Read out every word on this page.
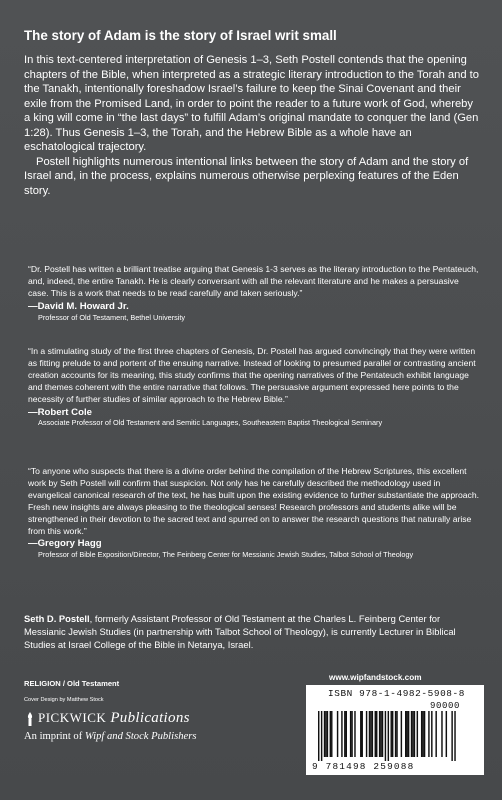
The story of Adam is the story of Israel writ small

In this text-centered interpretation of Genesis 1–3, Seth Postell contends that the opening chapters of the Bible, when interpreted as a strategic literary introduction to the Torah and to the Tanakh, intentionally foreshadow Israel’s failure to keep the Sinai Covenant and their exile from the Promised Land, in order to point the reader to a future work of God, whereby a king will come in “the last days” to fulfill Adam’s original mandate to conquer the land (Gen 1:28). Thus Genesis 1–3, the Torah, and the Hebrew Bible as a whole have an eschatological trajectory.

Postell highlights numerous intentional links between the story of Adam and the story of Israel and, in the process, explains numerous otherwise perplexing features of the Eden story.

“Dr. Postell has written a brilliant treatise arguing that Genesis 1-3 serves as the literary introduction to the Pentateuch, and, indeed, the entire Tanakh. He is clearly conversant with all the relevant literature and he makes a persuasive case. This is a work that needs to be read carefully and taken seriously.”
—David M. Howard Jr.
Professor of Old Testament, Bethel University
“In a stimulating study of the first three chapters of Genesis, Dr. Postell has argued convincingly that they were written as fitting prelude to and portent of the ensuing narrative. Instead of looking to presumed parallel or contrasting ancient creation accounts for its meaning, this study confirms that the opening narratives of the Pentateuch exhibit language and themes coherent with the entire narrative that follows. The persuasive argument expressed here points to the necessity of further studies of similar approach to the Hebrew Bible.”
—Robert Cole
Associate Professor of Old Testament and Semitic Languages, Southeastern Baptist Theological Seminary
“To anyone who suspects that there is a divine order behind the compilation of the Hebrew Scriptures, this excellent work by Seth Postell will confirm that suspicion. Not only has he carefully described the methodology used in evangelical canonical research of the text, he has built upon the existing evidence to further substantiate the approach. Fresh new insights are always pleasing to the theological senses! Research professors and students alike will be strengthened in their devotion to the sacred text and spurred on to answer the research questions that naturally arise from this work.”
—Gregory Hagg
Professor of Bible Exposition/Director, The Feinberg Center for Messianic Jewish Studies, Talbot School of Theology
Seth D. Postell, formerly Assistant Professor of Old Testament at the Charles L. Feinberg Center for Messianic Jewish Studies (in partnership with Talbot School of Theology), is currently Lecturer in Biblical Studies at Israel College of the Bible in Netanya, Israel.
RELIGION / Old Testament
Cover Design by Matthew Stock
PICKWICK Publications
An imprint of Wipf and Stock Publishers
www.wipfandstock.com
ISBN 978-1-4982-5908-8
90000
9 781498 259088
